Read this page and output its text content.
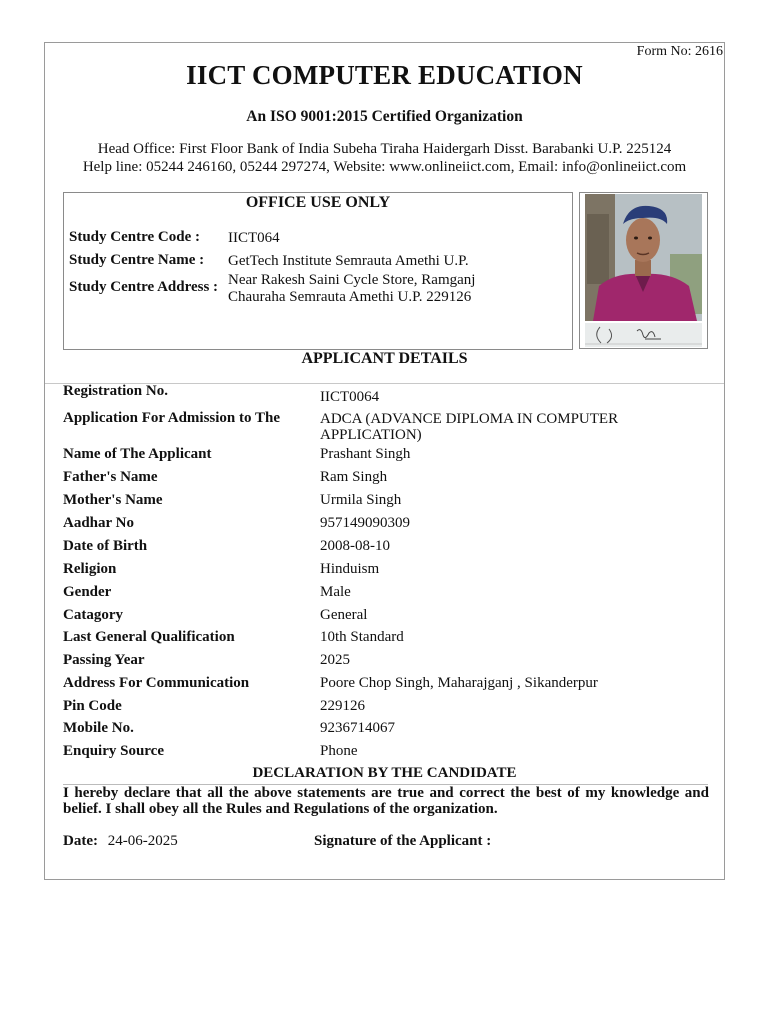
Form No: 2616
IICT COMPUTER EDUCATION
An ISO 9001:2015 Certified Organization
Head Office: First Floor Bank of India Subeha Tiraha Haidergarh Disst. Barabanki U.P. 225124
Help line: 05244 246160, 05244 297274, Website: www.onlineiict.com, Email: info@onlineiict.com
OFFICE USE ONLY
Study Centre Code : IICT064
Study Centre Name : GetTech Institute Semrauta Amethi U.P.
Study Centre Address : Near Rakesh Saini Cycle Store, Ramganj
Chauraha Semrauta Amethi U.P. 229126
APPLICANT DETAILS
Registration No.	IICT0064
Application For Admission to The	ADCA (ADVANCE DIPLOMA IN COMPUTER APPLICATION)
Name of The Applicant	Prashant Singh
Father's Name	Ram Singh
Mother's Name	Urmila Singh
Aadhar No	957149090309
Date of Birth	2008-08-10
Religion	Hinduism
Gender	Male
Catagory	General
Last General Qualification	10th Standard
Passing Year	2025
Address For Communication	Poore Chop Singh, Maharajganj , Sikanderpur
Pin Code	229126
Mobile No.	9236714067
Enquiry Source	Phone
DECLARATION BY THE CANDIDATE
I hereby declare that all the above statements are true and correct the best of my knowledge and belief. I shall obey all the Rules and Regulations of the organization.
Date: 24-06-2025	Signature of the Applicant :
